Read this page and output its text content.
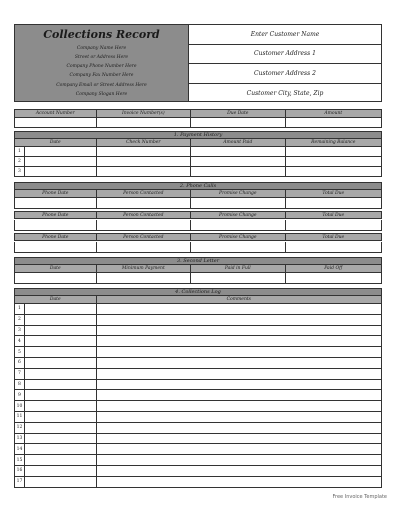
Collections Record
Company Name Here
Street or Address Here
Company Phone Number Here
Company Fax Number Here
Company Email or Street Address Here
Company Slogan Here
Enter Customer Name
Customer Address 1
Customer Address 2
Customer City, State, Zip
Account Number	Invoice Number(s)	Due Date	Amount
1. Payment History
Date	Check Number	Amount Paid	Remaining Balance
1
2
3
2. Phone Calls
Phone Date	Person Contacted	Promise Change	Total Due
Phone Date	Person Contacted	Promise Change	Total Due
Phone Date	Person Contacted	Promise Change	Total Due
3. Second Letter
Date	Minimum Payment	Paid in Full	Paid Off
4. Collections Log
Date	Comments
1
2
3
4
5
6
7
8
9
10
11
12
13
14
15
16
17
Free Invoice Template
